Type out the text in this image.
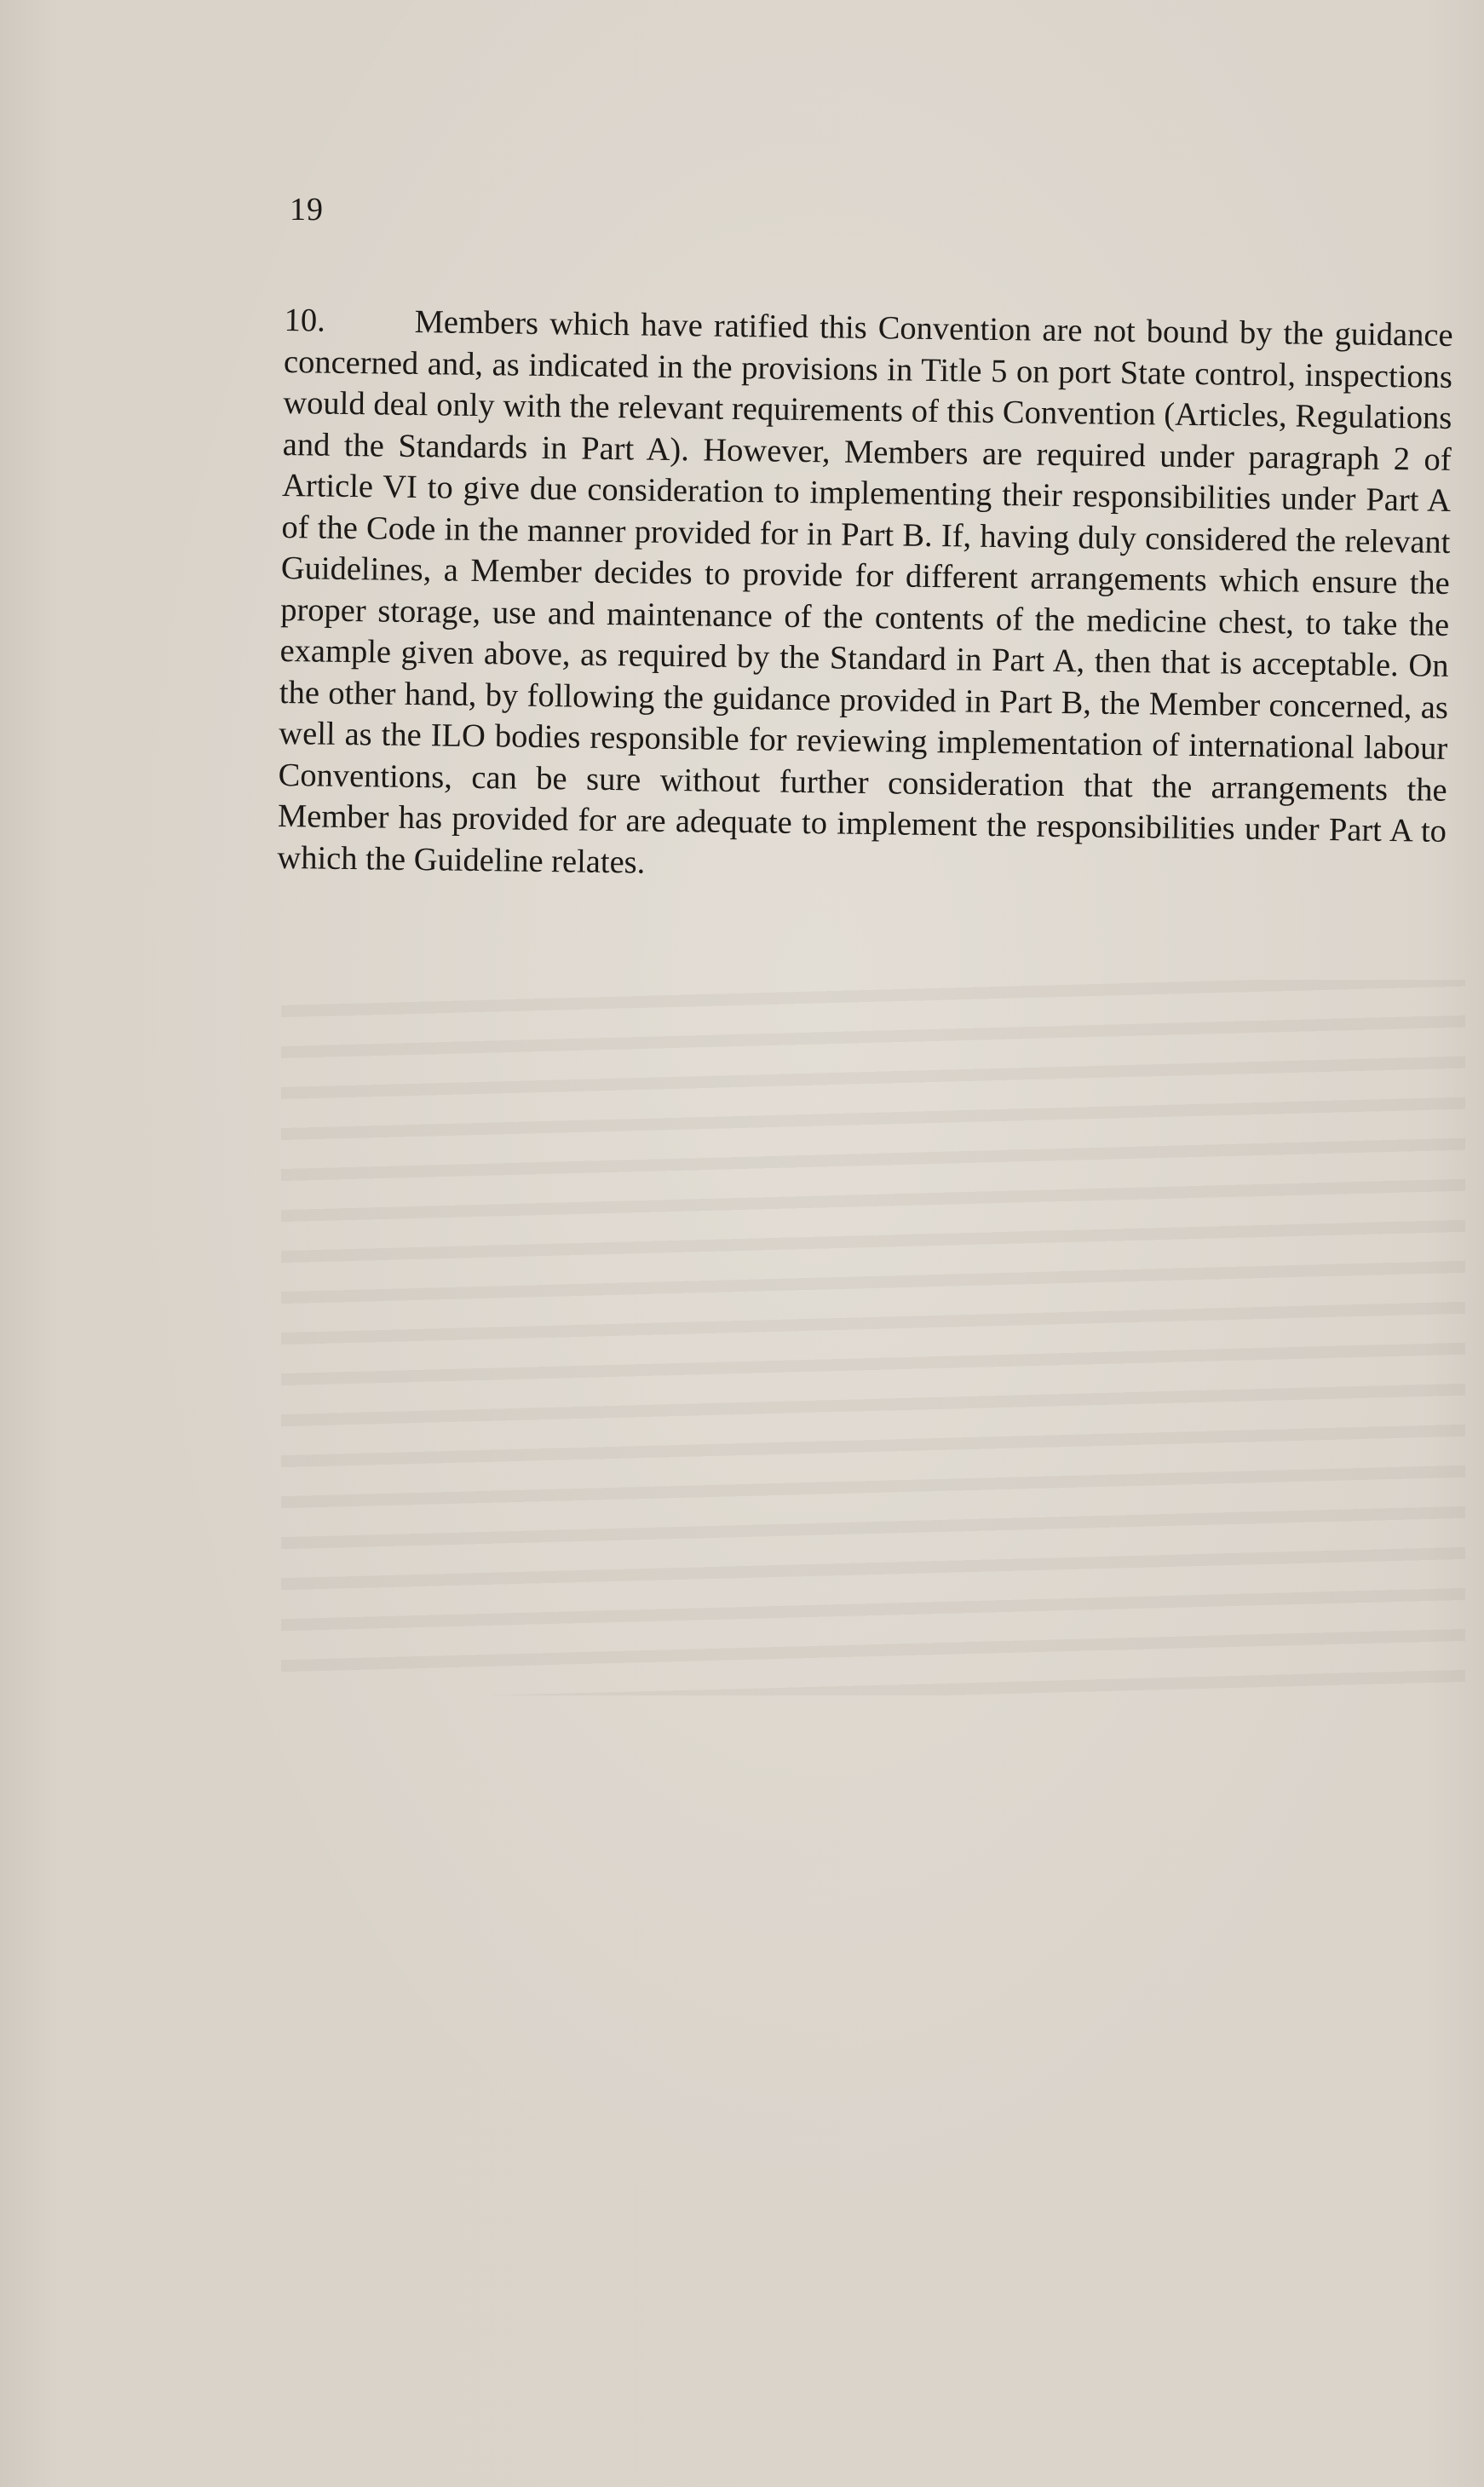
19
10.	Members which have ratified this Convention are not bound by the guidance concerned and, as indicated in the provisions in Title 5 on port State control, inspections would deal only with the relevant requirements of this Convention (Articles, Regulations and the Standards in Part A). However, Members are required under paragraph 2 of Article VI to give due consideration to implementing their responsibilities under Part A of the Code in the manner provided for in Part B. If, having duly considered the relevant Guidelines, a Member decides to provide for different arrangements which ensure the proper storage, use and maintenance of the contents of the medicine chest, to take the example given above, as required by the Standard in Part A, then that is acceptable. On the other hand, by following the guidance provided in Part B, the Member concerned, as well as the ILO bodies responsible for reviewing implementation of international labour Conventions, can be sure without further consideration that the arrangements the Member has provided for are adequate to implement the responsibilities under Part A to which the Guideline relates.
